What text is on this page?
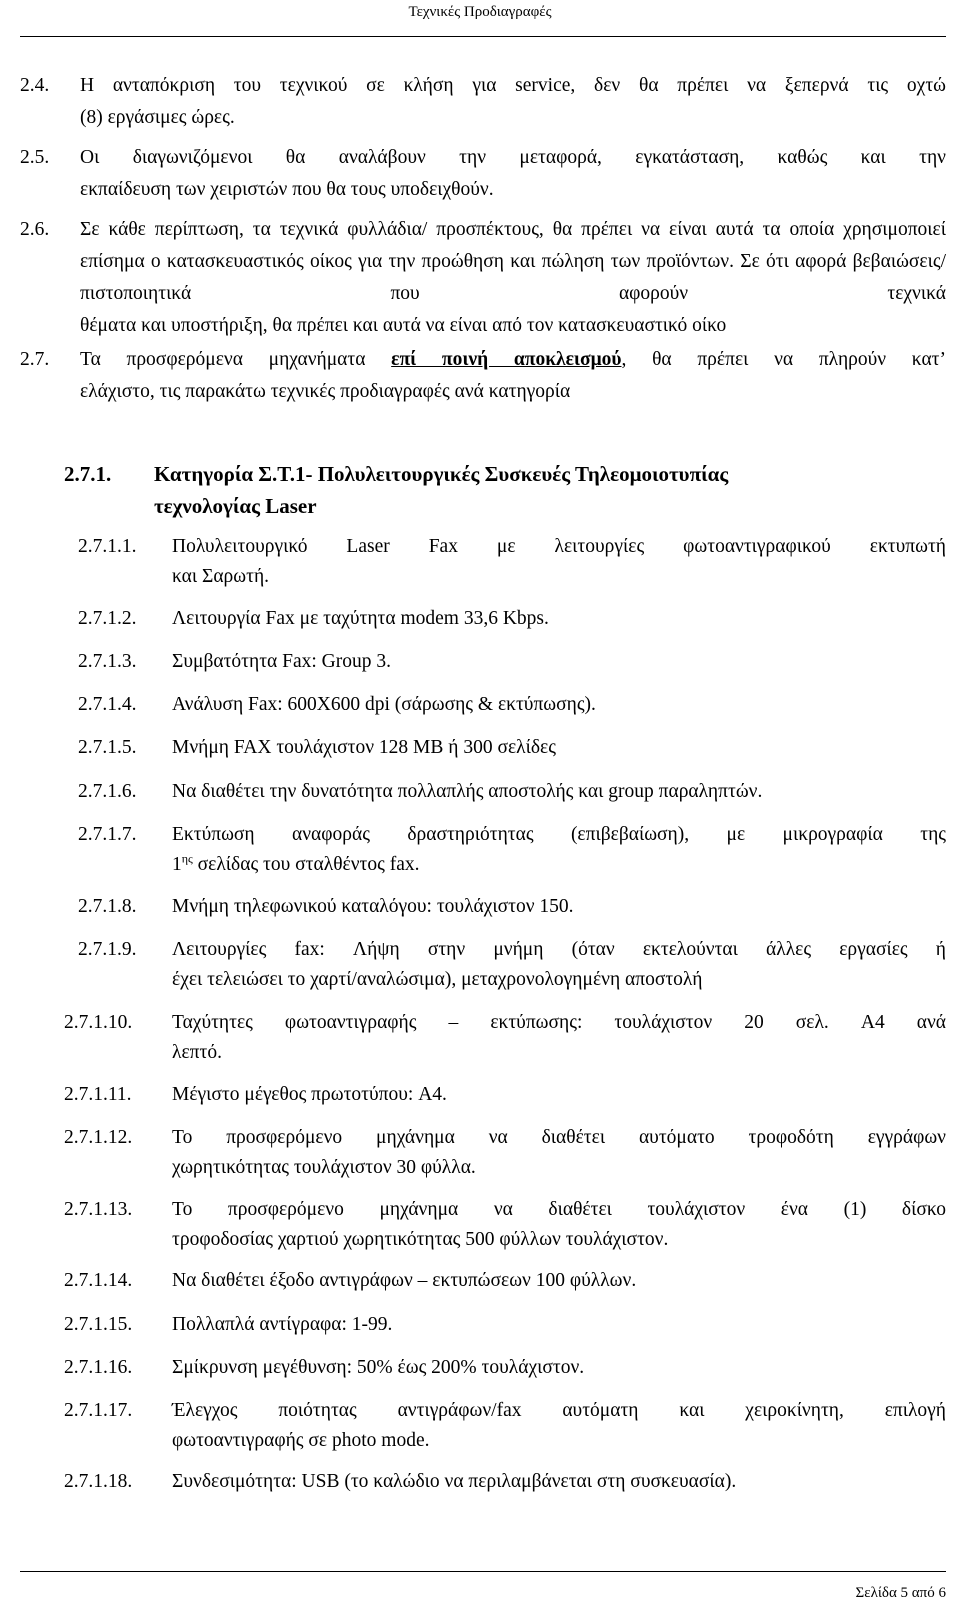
Τεχνικές Προδιαγραφές
2.4. Η ανταπόκριση του τεχνικού σε κλήση για service, δεν θα πρέπει να ξεπερνά τις οχτώ
(8) εργάσιμες ώρες.
2.5. Οι διαγωνιζόμενοι θα αναλάβουν την μεταφορά, εγκατάσταση, καθώς και την
εκπαίδευση των χειριστών που θα τους υποδειχθούν.
2.6. Σε κάθε περίπτωση, τα τεχνικά φυλλάδια/ προσπέκτους, θα πρέπει να είναι αυτά τα οποία χρησιμοποιεί επίσημα ο κατασκευαστικός οίκος για την προώθηση και πώληση των προϊόντων. Σε ότι αφορά βεβαιώσεις/ πιστοποιητικά που αφορούν τεχνικά
θέματα και υποστήριξη, θα πρέπει και αυτά να είναι από τον κατασκευαστικό οίκο
2.7. Τα προσφερόμενα μηχανήματα επί ποινή αποκλεισμού, θα πρέπει να πληρούν κατ’
ελάχιστο, τις παρακάτω τεχνικές προδιαγραφές ανά κατηγορία
2.7.1. Κατηγορία Σ.Τ.1- Πολυλειτουργικές Συσκευές Τηλεομοιοτυπίας
τεχνολογίας Laser
2.7.1.1. Πολυλειτουργικό Laser Fax με λειτουργίες φωτοαντιγραφικού εκτυπωτή
και Σαρωτή.
2.7.1.2. Λειτουργία Fax με ταχύτητα modem 33,6 Kbps.
2.7.1.3. Συμβατότητα Fax: Group 3.
2.7.1.4. Ανάλυση Fax: 600X600 dpi (σάρωσης & εκτύπωσης).
2.7.1.5. Μνήμη FAX τουλάχιστον 128 MB ή 300 σελίδες
2.7.1.6. Να διαθέτει την δυνατότητα πολλαπλής αποστολής και group παραληπτών.
2.7.1.7. Εκτύπωση αναφοράς δραστηριότητας (επιβεβαίωση), με μικρογραφία της
$1^{\eta\varsigma}$ σελίδας του σταλθέντος fax.
2.7.1.8. Μνήμη τηλεφωνικού καταλόγου: τουλάχιστον 150.
2.7.1.9. Λειτουργίες fax: Λήψη στην μνήμη (όταν εκτελούνται άλλες εργασίες ή
έχει τελειώσει το χαρτί/αναλώσιμα), μεταχρονολογημένη αποστολή
2.7.1.10. Ταχύτητες φωτοαντιγραφής – εκτύπωσης: τουλάχιστον 20 σελ. A4 ανά
λεπτό.
2.7.1.11. Μέγιστο μέγεθος πρωτοτύπου: A4.
2.7.1.12. Το προσφερόμενο μηχάνημα να διαθέτει αυτόματο τροφοδότη εγγράφων
χωρητικότητας τουλάχιστον 30 φύλλα.
2.7.1.13. Το προσφερόμενο μηχάνημα να διαθέτει τουλάχιστον ένα (1) δίσκο
τροφοδοσίας χαρτιού χωρητικότητας 500 φύλλων τουλάχιστον.
2.7.1.14. Να διαθέτει έξοδο αντιγράφων – εκτυπώσεων 100 φύλλων.
2.7.1.15. Πολλαπλά αντίγραφα: 1-99.
2.7.1.16. Σμίκρυνση μεγέθυνση: 50% έως 200% τουλάχιστον.
2.7.1.17. Έλεγχος ποιότητας αντιγράφων/fax αυτόματη και χειροκίνητη, επιλογή
φωτοαντιγραφής σε photo mode.
2.7.1.18. Συνδεσιμότητα: USB (το καλώδιο να περιλαμβάνεται στη συσκευασία).
Σελίδα 5 από 6
